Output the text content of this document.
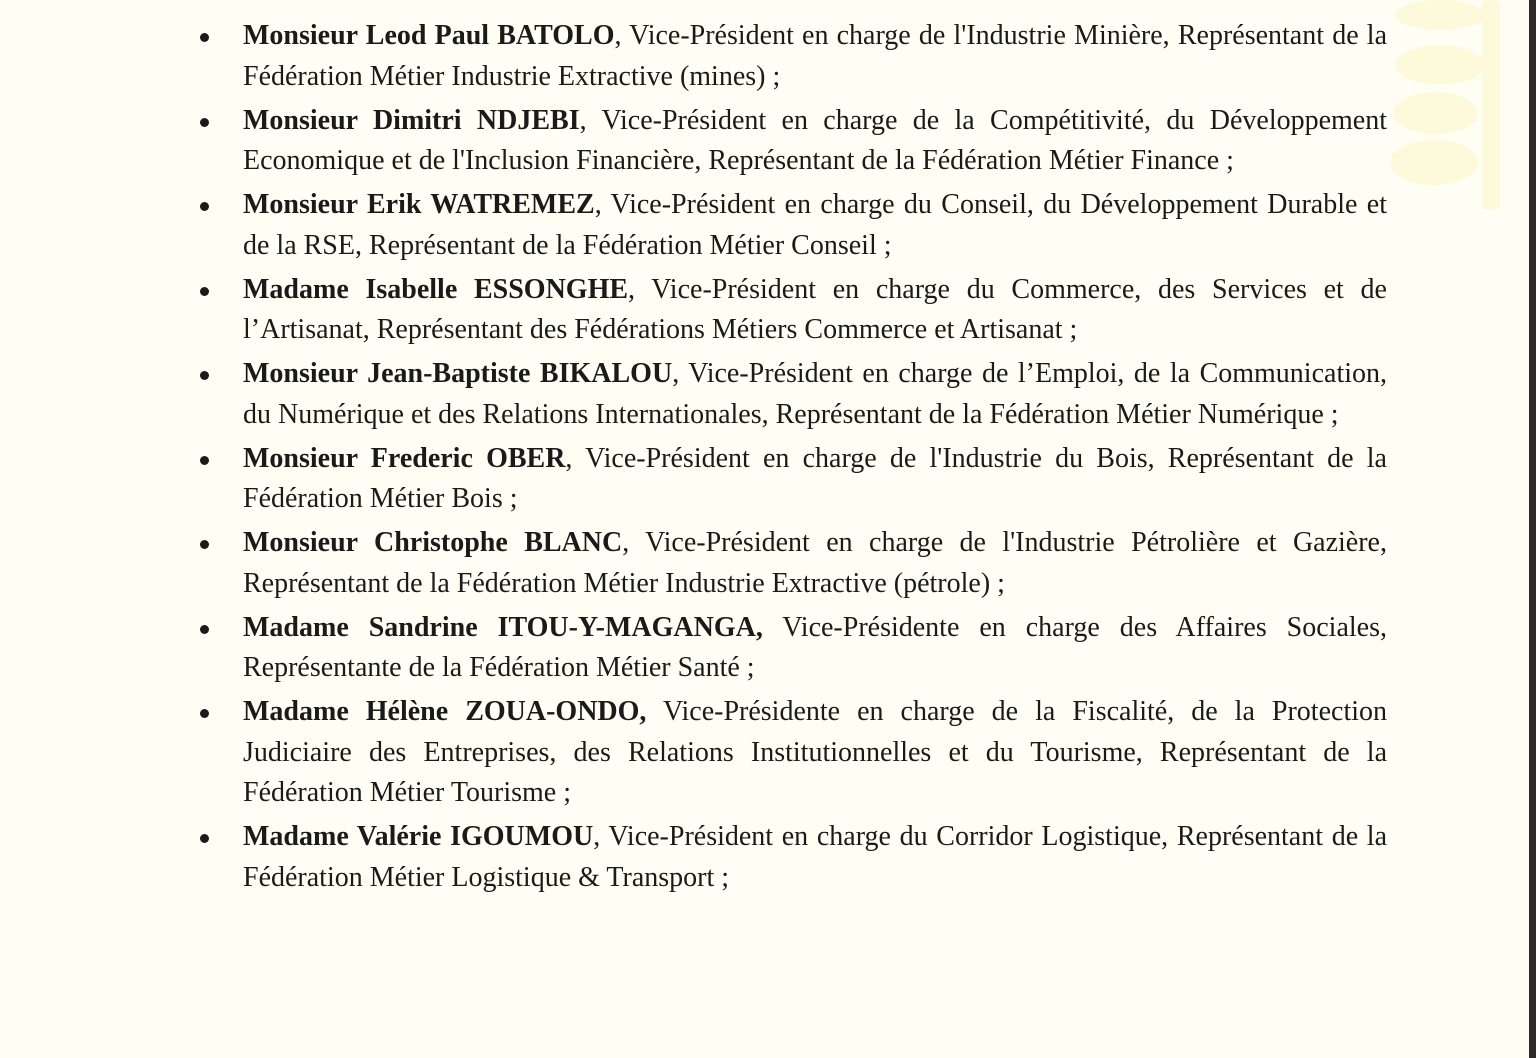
Monsieur Leod Paul BATOLO, Vice-Président en charge de l'Industrie Minière, Représentant de la Fédération Métier Industrie Extractive (mines) ;
Monsieur Dimitri NDJEBI, Vice-Président en charge de la Compétitivité, du Développement Economique et de l'Inclusion Financière, Représentant de la Fédération Métier Finance ;
Monsieur Erik WATREMEZ, Vice-Président en charge du Conseil, du Développement Durable et de la RSE, Représentant de la Fédération Métier Conseil ;
Madame Isabelle ESSONGHE, Vice-Président en charge du Commerce, des Services et de l’Artisanat, Représentant des Fédérations Métiers Commerce et Artisanat ;
Monsieur Jean-Baptiste BIKALOU, Vice-Président en charge de l’Emploi, de la Communication, du Numérique et des Relations Internationales, Représentant de la Fédération Métier Numérique ;
Monsieur Frederic OBER, Vice-Président en charge de l'Industrie du Bois, Représentant de la Fédération Métier Bois ;
Monsieur Christophe BLANC, Vice-Président en charge de l'Industrie Pétrolière et Gazière, Représentant de la Fédération Métier Industrie Extractive (pétrole) ;
Madame Sandrine ITOU-Y-MAGANGA, Vice-Présidente en charge des Affaires Sociales, Représentante de la Fédération Métier Santé ;
Madame Hélène ZOUA-ONDO, Vice-Présidente en charge de la Fiscalité, de la Protection Judiciaire des Entreprises, des Relations Institutionnelles et du Tourisme, Représentant de la Fédération Métier Tourisme ;
Madame Valérie IGOUMOU, Vice-Président en charge du Corridor Logistique, Représentant de la Fédération Métier Logistique & Transport ;
